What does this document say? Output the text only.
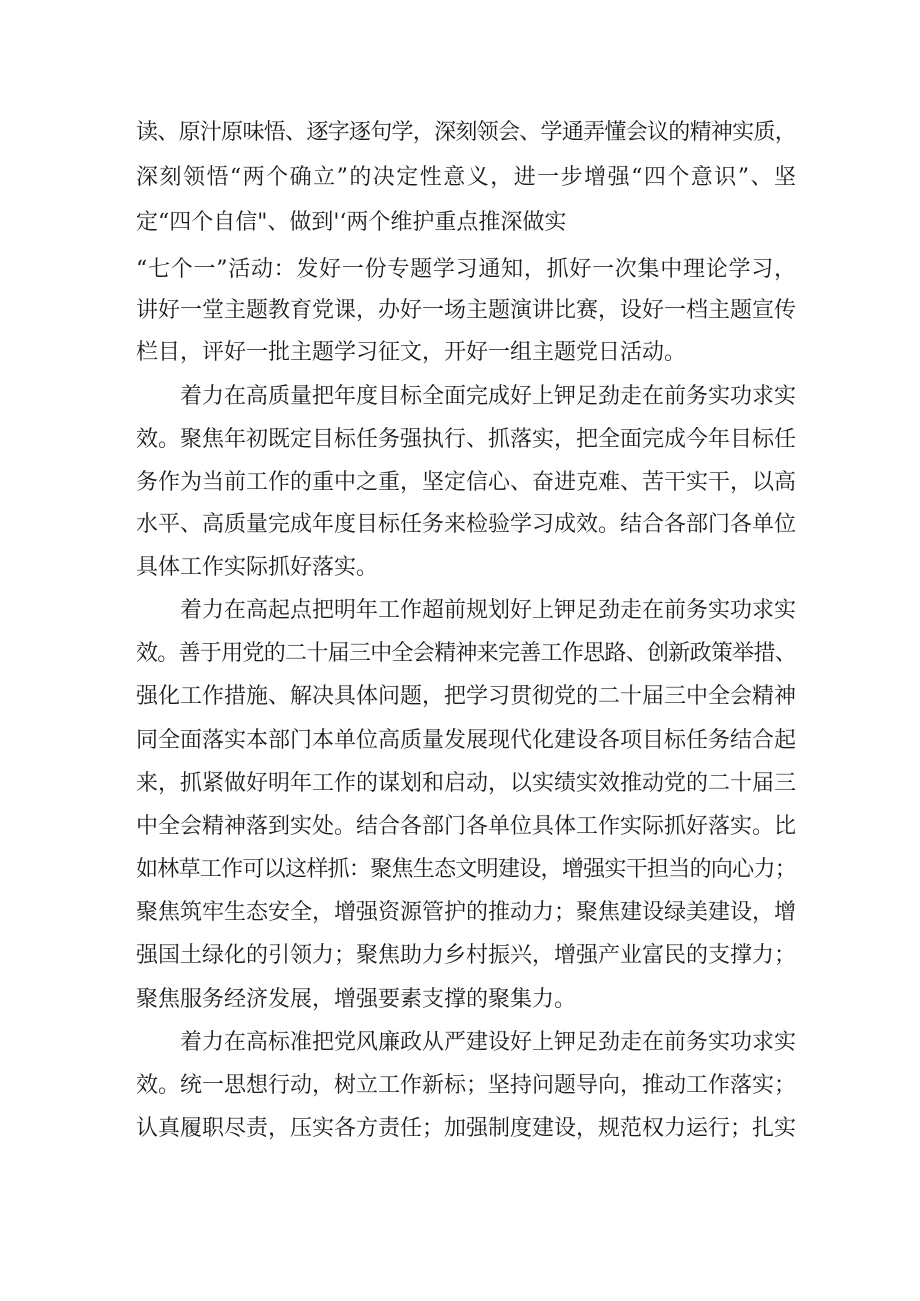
读、原汁原味悟、逐字逐句学，深刻领会、学通弄懂会议的精神实质，
深刻领悟“两个确立”的决定性意义，进一步增强“四个意识”、坚
定“四个自信"、做到'‘两个维护重点推深做实
“七个一”活动：发好一份专题学习通知，抓好一次集中理论学习，
讲好一堂主题教育党课，办好一场主题演讲比赛，设好一档主题宣传
栏目，评好一批主题学习征文，开好一组主题党日活动。
着力在高质量把年度目标全面完成好上钾足劲走在前务实功求实
效。聚焦年初既定目标任务强执行、抓落实，把全面完成今年目标任
务作为当前工作的重中之重，坚定信心、奋进克难、苦干实干，以高
水平、高质量完成年度目标任务来检验学习成效。结合各部门各单位
具体工作实际抓好落实。
着力在高起点把明年工作超前规划好上钾足劲走在前务实功求实
效。善于用党的二十届三中全会精神来完善工作思路、创新政策举措、
强化工作措施、解决具体问题，把学习贯彻党的二十届三中全会精神
同全面落实本部门本单位高质量发展现代化建设各项目标任务结合起
来，抓紧做好明年工作的谋划和启动，以实绩实效推动党的二十届三
中全会精神落到实处。结合各部门各单位具体工作实际抓好落实。比
如林草工作可以这样抓：聚焦生态文明建设，增强实干担当的向心力；
聚焦筑牢生态安全，增强资源管护的推动力；聚焦建设绿美建设，增
强国土绿化的引领力；聚焦助力乡村振兴，增强产业富民的支撑力；
聚焦服务经济发展，增强要素支撑的聚集力。
着力在高标准把党风廉政从严建设好上钾足劲走在前务实功求实
效。统一思想行动，树立工作新标；坚持问题导向，推动工作落实；
认真履职尽责，压实各方责任；加强制度建设，规范权力运行；扎实
